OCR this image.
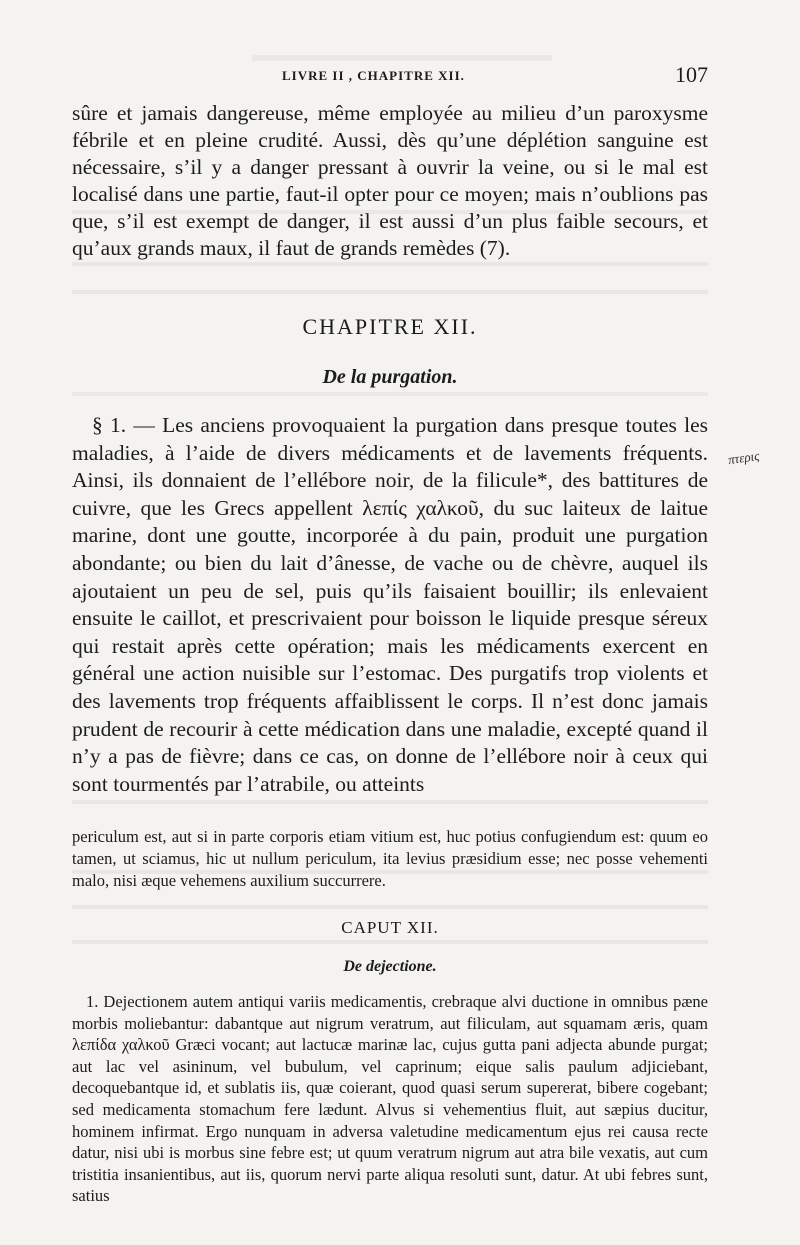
LIVRE II , CHAPITRE XII.	107

sûre et jamais dangereuse, même employée au milieu d’un paroxysme fébrile et en pleine crudité. Aussi, dès qu’une déplétion sanguine est nécessaire, s’il y a danger pressant à ouvrir la veine, ou si le mal est localisé dans une partie, faut-il opter pour ce moyen; mais n’oublions pas que, s’il est exempt de danger, il est aussi d’un plus faible secours, et qu’aux grands maux, il faut de grands remèdes (7).

CHAPITRE XII.
De la purgation.
§ 1. — Les anciens provoquaient la purgation dans presque toutes les maladies, à l’aide de divers médicaments et de lavements fréquents. Ainsi, ils donnaient de l’ellébore noir, de la filicule*, des battitures de cuivre, que les Grecs appellent λεπίς χαλκοῦ, du suc laiteux de laitue marine, dont une goutte, incorporée à du pain, produit une purgation abondante; ou bien du lait d’ânesse, de vache ou de chèvre, auquel ils ajoutaient un peu de sel, puis qu’ils faisaient bouillir; ils enlevaient ensuite le caillot, et prescrivaient pour boisson le liquide presque séreux qui restait après cette opération; mais les médicaments exercent en général une action nuisible sur l’estomac. Des purgatifs trop violents et des lavements trop fréquents affaiblissent le corps. Il n’est donc jamais prudent de recourir à cette médication dans une maladie, excepté quand il n’y a pas de fièvre; dans ce cas, on donne de l’ellébore noir à ceux qui sont tourmentés par l’atrabile, ou atteints
πτερις
periculum est, aut si in parte corporis etiam vitium est, huc potius confugiendum est: quum eo tamen, ut sciamus, hic ut nullum periculum, ita levius præsidium esse; nec posse vehementi malo, nisi æque vehemens auxilium succurrere.
CAPUT XII.
De dejectione.
1. Dejectionem autem antiqui variis medicamentis, crebraque alvi ductione in omnibus pæne morbis moliebantur: dabantque aut nigrum veratrum, aut filiculam, aut squamam æris, quam λεπίδα χαλκοῦ Græci vocant; aut lactucæ marinæ lac, cujus gutta pani adjecta abunde purgat; aut lac vel asininum, vel bubulum, vel caprinum; eique salis paulum adjiciebant, decoquebantque id, et sublatis iis, quæ coierant, quod quasi serum supererat, bibere cogebant; sed medicamenta stomachum fere lædunt. Alvus si vehementius fluit, aut sæpius ducitur, hominem infirmat. Ergo nunquam in adversa valetudine medicamentum ejus rei causa recte datur, nisi ubi is morbus sine febre est; ut quum veratrum nigrum aut atra bile vexatis, aut cum tristitia insanientibus, aut iis, quorum nervi parte aliqua resoluti sunt, datur. At ubi febres sunt, satius
